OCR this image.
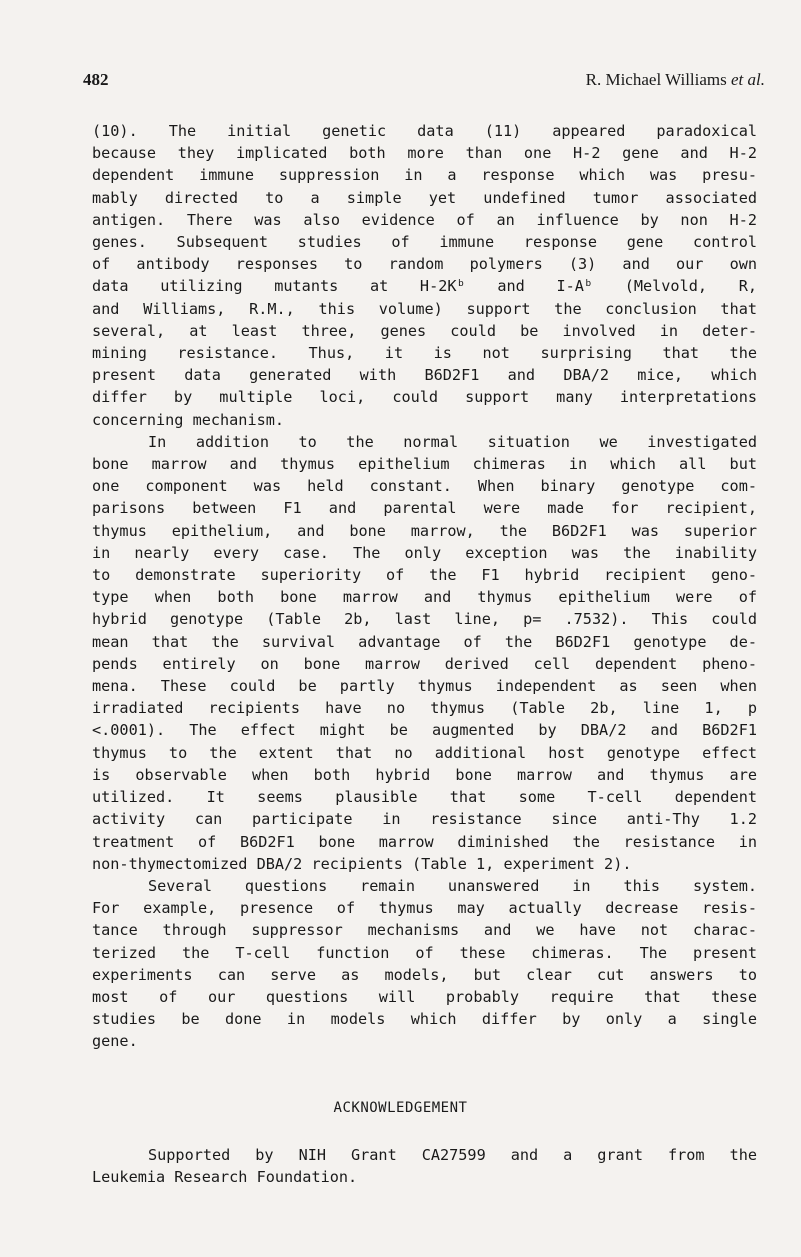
482	R. Michael Williams et al.
(10). The initial genetic data (11) appeared paradoxical
because they implicated both more than one H-2 gene and H-2
dependent immune suppression in a response which was presu-
mably directed to a simple yet undefined tumor associated
antigen. There was also evidence of an influence by non H-2
genes. Subsequent studies of immune response gene control
of antibody responses to random polymers (3) and our own
data utilizing mutants at H-2Kᵇ and I-Aᵇ (Melvold, R,
and Williams, R.M., this volume) support the conclusion that
several, at least three, genes could be involved in deter-
mining resistance. Thus, it is not surprising that the
present data generated with B6D2F1 and DBA/2 mice, which
differ by multiple loci, could support many interpretations
concerning mechanism.
In addition to the normal situation we investigated
bone marrow and thymus epithelium chimeras in which all but
one component was held constant. When binary genotype com-
parisons between F1 and parental were made for recipient,
thymus epithelium, and bone marrow, the B6D2F1 was superior
in nearly every case. The only exception was the inability
to demonstrate superiority of the F1 hybrid recipient geno-
type when both bone marrow and thymus epithelium were of
hybrid genotype (Table 2b, last line, p= .7532). This could
mean that the survival advantage of the B6D2F1 genotype de-
pends entirely on bone marrow derived cell dependent pheno-
mena. These could be partly thymus independent as seen when
irradiated recipients have no thymus (Table 2b, line 1, p
<.0001). The effect might be augmented by DBA/2 and B6D2F1
thymus to the extent that no additional host genotype effect
is observable when both hybrid bone marrow and thymus are
utilized. It seems plausible that some T-cell dependent
activity can participate in resistance since anti-Thy 1.2
treatment of B6D2F1 bone marrow diminished the resistance in
non-thymectomized DBA/2 recipients (Table 1, experiment 2).
Several questions remain unanswered in this system.
For example, presence of thymus may actually decrease resis-
tance through suppressor mechanisms and we have not charac-
terized the T-cell function of these chimeras. The present
experiments can serve as models, but clear cut answers to
most of our questions will probably require that these
studies be done in models which differ by only a single
gene.
ACKNOWLEDGEMENT
Supported by NIH Grant CA27599 and a grant from the
Leukemia Research Foundation.
